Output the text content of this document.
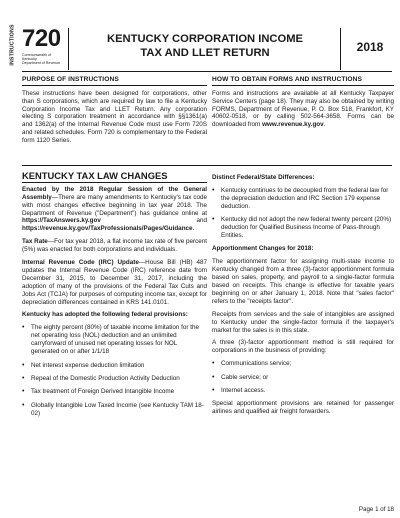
INSTRUCTIONS 720
Commonwealth of Kentucky
Department of Revenue
KENTUCKY CORPORATION INCOME
TAX AND LLET RETURN	2018
PURPOSE OF INSTRUCTIONS
These instructions have been designed for corporations, other than S corporations, which are required by law to file a Kentucky Corporation Income Tax and LLET Return. Any corporation electing S corporation treatment in accordance with §§1361(a) and 1362(a) of the Internal Revenue Code must use Form 720S and related schedules. Form 720 is complementary to the Federal form 1120 Series.
HOW TO OBTAIN FORMS AND INSTRUCTIONS
Forms and instructions are available at all Kentucky Taxpayer Service Centers (page 18). They may also be obtained by writing FORMS, Department of Revenue, P. O. Box 518, Frankfort, KY 40602-0518, or by calling 502-564-3658. Forms can be downloaded from www.revenue.ky.gov.
KENTUCKY TAX LAW CHANGES
Enacted by the 2018 Regular Session of the General Assembly—There are many amendments to Kentucky's tax code with most changes effective beginning in tax year 2018. The Department of Revenue ("Department") has guidance online at https://TaxAnswers.ky.gov and https://revenue.ky.gov/TaxProfessionals/Pages/Guidance.
Tax Rate—For tax year 2018, a flat income tax rate of five percent (5%) was enacted for both corporations and individuals.
Internal Revenue Code (IRC) Update—House Bill (HB) 487 updates the Internal Revenue Code (IRC) reference date from December 31, 2015, to December 31, 2017, including the adoption of many of the provisions of the Federal Tax Cuts and Jobs Act (TCJA) for purposes of computing income tax, except for depreciation differences contained in KRS 141.0101.
Kentucky has adopted the following federal provisions:
• The eighty percent (80%) of taxable income limitation for the net operating loss (NOL) deduction and an unlimited carryforward of unused net operating losses for NOL generated on or after 1/1/18
• Net interest expense deduction limitation
• Repeal of the Domestic Production Activity Deduction
• Tax treatment of Foreign Derived Intangible Income
• Globally Intangible Low Taxed Income (see Kentucky TAM 18-02)
Distinct Federal/State Differences:
• Kentucky continues to be decoupled from the federal law for the depreciation deduction and IRC Section 179 expense deduction.
• Kentucky did not adopt the new federal twenty percent (20%) deduction for Qualified Business Income of Pass-through Entities.
Apportionment Changes for 2018:
The apportionment factor for assigning multi-state income to Kentucky changed from a three (3)-factor apportionment formula based on sales, property, and payroll to a single-factor formula based on receipts. This change is effective for taxable years beginning on or after January 1, 2018. Note that "sales factor" refers to the "receipts factor".
Receipts from services and the sale of intangibles are assigned to Kentucky under the single-factor formula if the taxpayer's market for the sales is in this state.
A three (3)-factor apportionment method is still required for corporations in the business of providing:
• Communications service;
• Cable service; or
• Internet access.
Special apportionment provisions are retained for passenger airlines and qualified air freight forwarders.
Page 1 of 18
